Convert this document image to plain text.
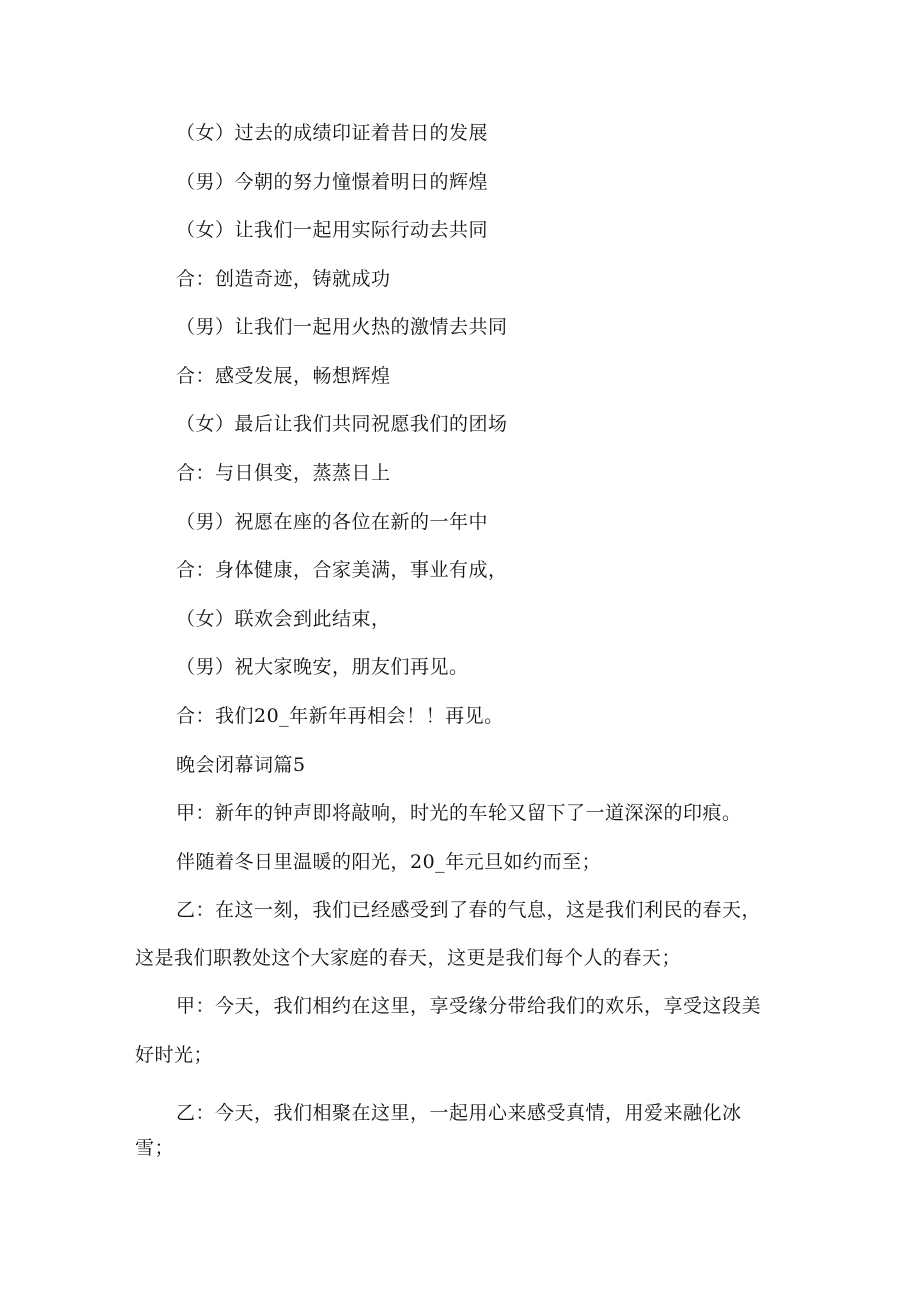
（女）过去的成绩印证着昔日的发展
（男）今朝的努力憧憬着明日的辉煌
（女）让我们一起用实际行动去共同
合：创造奇迹，铸就成功
（男）让我们一起用火热的激情去共同
合：感受发展，畅想辉煌
（女）最后让我们共同祝愿我们的团场
合：与日俱变，蒸蒸日上
（男）祝愿在座的各位在新的一年中
合：身体健康，合家美满，事业有成，
（女）联欢会到此结束，
（男）祝大家晚安，朋友们再见。
合：我们20_年新年再相会！！再见。
晚会闭幕词篇5
甲：新年的钟声即将敲响，时光的车轮又留下了一道深深的印痕。
伴随着冬日里温暖的阳光，20_年元旦如约而至；
乙：在这一刻，我们已经感受到了春的气息，这是我们利民的春天，
这是我们职教处这个大家庭的春天，这更是我们每个人的春天；
甲：今天，我们相约在这里，享受缘分带给我们的欢乐，享受这段美
好时光；
乙：今天，我们相聚在这里，一起用心来感受真情，用爱来融化冰
雪；
